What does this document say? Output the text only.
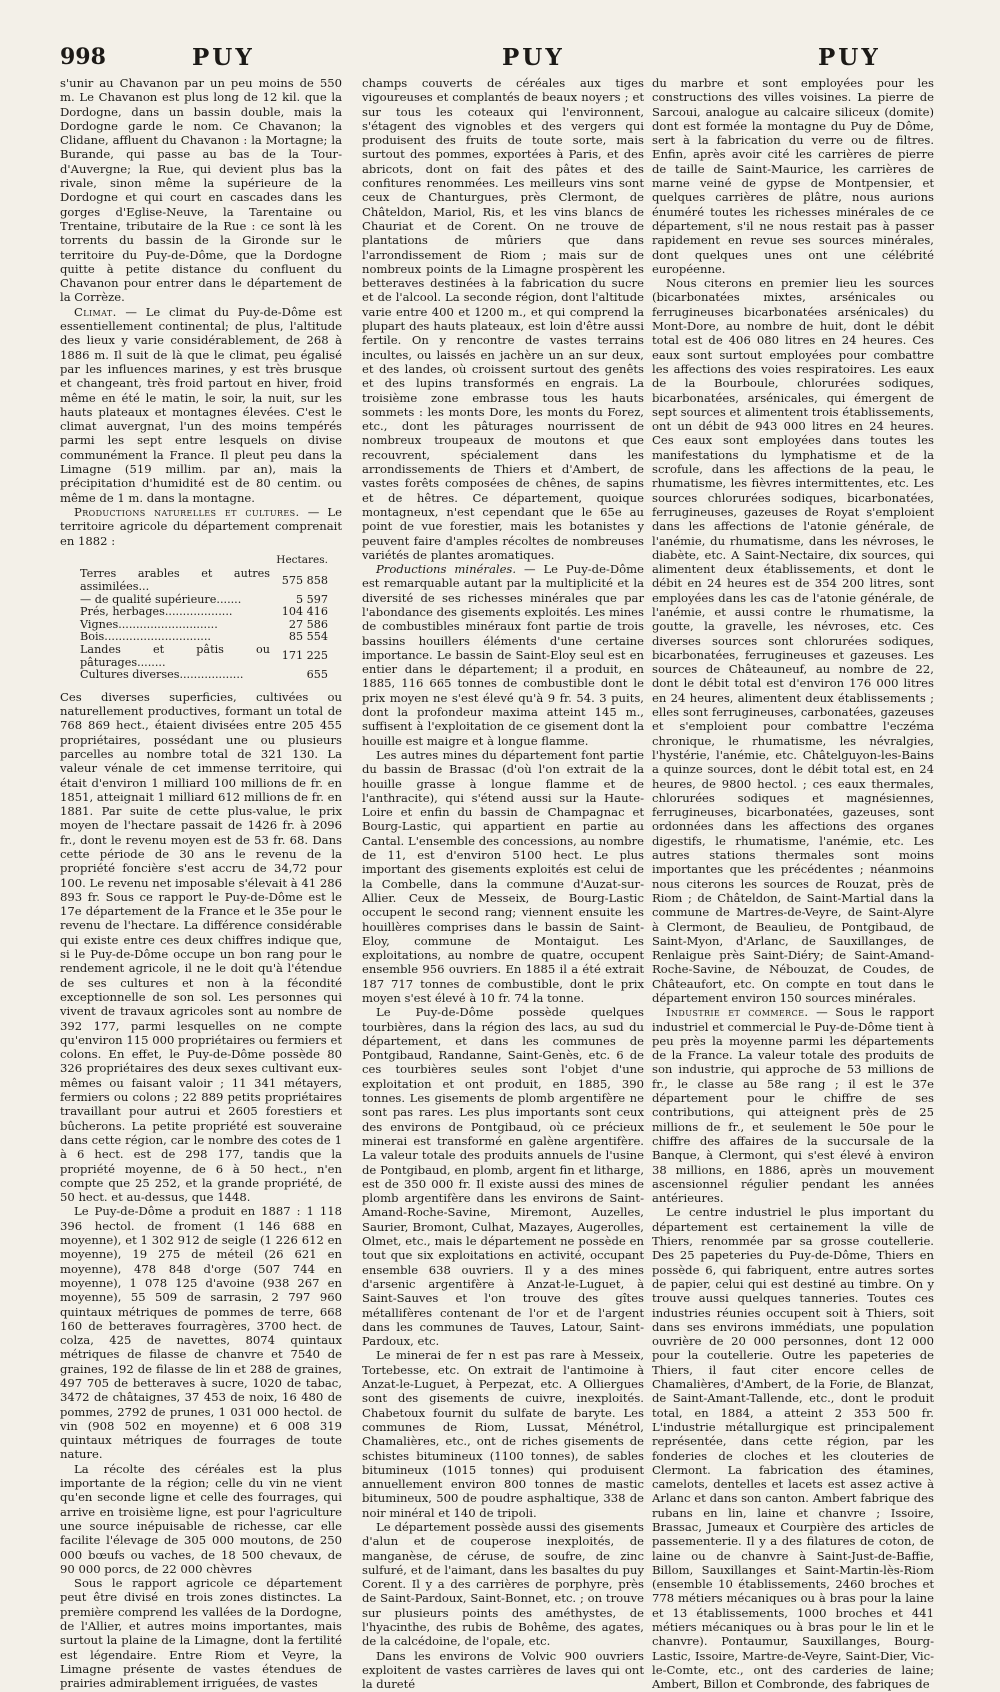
998	PUY	PUY	PUY

s'unir au Chavanon par un peu moins de 550 m. Le Chavanon est plus long de 12 kil. que la Dordogne, dans un bassin double, mais la Dordogne garde le nom. Ce Chavanon; la Clidane, affluent du Chavanon : la Mortagne; la Burande, qui passe au bas de la Tour-d'Auvergne; la Rue, qui devient plus bas la rivale, sinon même la supérieure de la Dordogne et qui court en cascades dans les gorges d'Eglise-Neuve, la Tarentaine ou Trentaine, tributaire de la Rue : ce sont là les torrents du bassin de la Gironde sur le territoire du Puy-de-Dôme, que la Dordogne quitte à petite distance du confluent du Chavanon pour entrer dans le département de la Corrèze.

Climat. — Le climat du Puy-de-Dôme est essentiellement continental; de plus, l'altitude des lieux y varie considérablement, de 268 à 1886 m. Il suit de là que le climat, peu égalisé par les influences marines, y est très brusque et changeant, très froid partout en hiver, froid même en été le matin, le soir, la nuit, sur les hauts plateaux et montagnes élevées. C'est le climat auvergnat, l'un des moins tempérés parmi les sept entre lesquels on divise communément la France. Il pleut peu dans la Limagne (519 millim. par an), mais la précipitation d'humidité est de 80 centim. ou même de 1 m. dans la montagne.

Productions naturelles et cultures. — Le territoire agricole du département comprenait en 1882 :

	Hectares.
Terres arables et autres assimilées...	575 858
— de qualité supérieure.......	5 597
Prés, herbages...................	104 416
Vignes............................	27 586
Bois..............................	85 554
Landes et pâtis ou pâturages........	171 225
Cultures diverses..................	655

Ces diverses superficies, cultivées ou naturellement productives, formant un total de 768 869 hect., étaient divisées entre 205 455 propriétaires, possédant une ou plusieurs parcelles au nombre total de 321 130. La valeur vénale de cet immense territoire, qui était d'environ 1 milliard 100 millions de fr. en 1851, atteignait 1 milliard 612 millions de fr. en 1881. Par suite de cette plus-value, le prix moyen de l'hectare passait de 1426 fr. à 2096 fr., dont le revenu moyen est de 53 fr. 68. Dans cette période de 30 ans le revenu de la propriété foncière s'est accru de 34,72 pour 100. Le revenu net imposable s'élevait à 41 286 893 fr. Sous ce rapport le Puy-de-Dôme est le 17e département de la France et le 35e pour le revenu de l'hectare. La différence considérable qui existe entre ces deux chiffres indique que, si le Puy-de-Dôme occupe un bon rang pour le rendement agricole, il ne le doit qu'à l'étendue de ses cultures et non à la fécondité exceptionnelle de son sol. Les personnes qui vivent de travaux agricoles sont au nombre de 392 177, parmi lesquelles on ne compte qu'environ 115 000 propriétaires ou fermiers et colons. En effet, le Puy-de-Dôme possède 80 326 propriétaires des deux sexes cultivant eux-mêmes ou faisant valoir ; 11 341 métayers, fermiers ou colons ; 22 889 petits propriétaires travaillant pour autrui et 2605 forestiers et bûcherons. La petite propriété est souveraine dans cette région, car le nombre des cotes de 1 à 6 hect. est de 298 177, tandis que la propriété moyenne, de 6 à 50 hect., n'en compte que 25 252, et la grande propriété, de 50 hect. et au-dessus, que 1448.

Le Puy-de-Dôme a produit en 1887 : 1 118 396 hectol. de froment (1 146 688 en moyenne), et 1 302 912 de seigle (1 226 612 en moyenne), 19 275 de méteil (26 621 en moyenne), 478 848 d'orge (507 744 en moyenne), 1 078 125 d'avoine (938 267 en moyenne), 55 509 de sarrasin, 2 797 960 quintaux métriques de pommes de terre, 668 160 de betteraves fourragères, 3700 hect. de colza, 425 de navettes, 8074 quintaux métriques de filasse de chanvre et 7540 de graines, 192 de filasse de lin et 288 de graines, 497 705 de betteraves à sucre, 1020 de tabac, 3472 de châtaignes, 37 453 de noix, 16 480 de pommes, 2792 de prunes, 1 031 000 hectol. de vin (908 502 en moyenne) et 6 008 319 quintaux métriques de fourrages de toute nature.

La récolte des céréales est la plus importante de la région; celle du vin ne vient qu'en seconde ligne et celle des fourrages, qui arrive en troisième ligne, est pour l'agriculture une source inépuisable de richesse, car elle facilite l'élevage de 305 000 moutons, de 250 000 bœufs ou vaches, de 18 500 chevaux, de 90 000 porcs, de 22 000 chèvres

Sous le rapport agricole ce département peut être divisé en trois zones distinctes. La première comprend les vallées de la Dordogne, de l'Allier, et autres moins importantes, mais surtout la plaine de la Limagne, dont la fertilité est légendaire. Entre Riom et Veyre, la Limagne présente de vastes étendues de prairies admirablement irriguées, de vastes

champs couverts de céréales aux tiges vigoureuses et complantés de beaux noyers ; et sur tous les coteaux qui l'environnent, s'étagent des vignobles et des vergers qui produisent des fruits de toute sorte, mais surtout des pommes, exportées à Paris, et des abricots, dont on fait des pâtes et des confitures renommées. Les meilleurs vins sont ceux de Chanturgues, près Clermont, de Châteldon, Mariol, Ris, et les vins blancs de Chauriat et de Corent. On ne trouve de plantations de mûriers que dans l'arrondissement de Riom ; mais sur de nombreux points de la Limagne prospèrent les betteraves destinées à la fabrication du sucre et de l'alcool. La seconde région, dont l'altitude varie entre 400 et 1200 m., et qui comprend la plupart des hauts plateaux, est loin d'être aussi fertile. On y rencontre de vastes terrains incultes, ou laissés en jachère un an sur deux, et des landes, où croissent surtout des genêts et des lupins transformés en engrais. La troisième zone embrasse tous les hauts sommets : les monts Dore, les monts du Forez, etc., dont les pâturages nourrissent de nombreux troupeaux de moutons et que recouvrent, spécialement dans les arrondissements de Thiers et d'Ambert, de vastes forêts composées de chênes, de sapins et de hêtres. Ce département, quoique montagneux, n'est cependant que le 65e au point de vue forestier, mais les botanistes y peuvent faire d'amples récoltes de nombreuses variétés de plantes aromatiques.

Productions minérales. — Le Puy-de-Dôme est remarquable autant par la multiplicité et la diversité de ses richesses minérales que par l'abondance des gisements exploités. Les mines de combustibles minéraux font partie de trois bassins houillers éléments d'une certaine importance. Le bassin de Saint-Eloy seul est en entier dans le département; il a produit, en 1885, 116 665 tonnes de combustible dont le prix moyen ne s'est élevé qu'à 9 fr. 54. 3 puits, dont la profondeur maxima atteint 145 m., suffisent à l'exploitation de ce gisement dont la houille est maigre et à longue flamme.

Les autres mines du département font partie du bassin de Brassac (d'où l'on extrait de la houille grasse à longue flamme et de l'anthracite), qui s'étend aussi sur la Haute-Loire et enfin du bassin de Champagnac et Bourg-Lastic, qui appartient en partie au Cantal. L'ensemble des concessions, au nombre de 11, est d'environ 5100 hect. Le plus important des gisements exploités est celui de la Combelle, dans la commune d'Auzat-sur-Allier. Ceux de Messeix, de Bourg-Lastic occupent le second rang; viennent ensuite les houillères comprises dans le bassin de Saint-Eloy, commune de Montaigut. Les exploitations, au nombre de quatre, occupent ensemble 956 ouvriers. En 1885 il a été extrait 187 717 tonnes de combustible, dont le prix moyen s'est élevé à 10 fr. 74 la tonne.

Le Puy-de-Dôme possède quelques tourbières, dans la région des lacs, au sud du département, et dans les communes de Pontgibaud, Randanne, Saint-Genès, etc. 6 de ces tourbières seules sont l'objet d'une exploitation et ont produit, en 1885, 390 tonnes. Les gisements de plomb argentifère ne sont pas rares. Les plus importants sont ceux des environs de Pontgibaud, où ce précieux minerai est transformé en galène argentifère. La valeur totale des produits annuels de l'usine de Pontgibaud, en plomb, argent fin et litharge, est de 350 000 fr. Il existe aussi des mines de plomb argentifère dans les environs de Saint-Amand-Roche-Savine, Miremont, Auzelles, Saurier, Bromont, Culhat, Mazayes, Augerolles, Olmet, etc., mais le département ne possède en tout que six exploitations en activité, occupant ensemble 638 ouvriers. Il y a des mines d'arsenic argentifère à Anzat-le-Luguet, à Saint-Sauves et l'on trouve des gîtes métallifères contenant de l'or et de l'argent dans les communes de Tauves, Latour, Saint-Pardoux, etc.

Le minerai de fer n est pas rare à Messeix, Tortebesse, etc. On extrait de l'antimoine à Anzat-le-Luguet, à Perpezat, etc. A Olliergues sont des gisements de cuivre, inexploités. Chabetoux fournit du sulfate de baryte. Les communes de Riom, Lussat, Ménétrol, Chamalières, etc., ont de riches gisements de schistes bitumineux (1100 tonnes), de sables bitumineux (1015 tonnes) qui produisent annuellement environ 800 tonnes de mastic bitumineux, 500 de poudre asphaltique, 338 de noir minéral et 140 de tripoli.

Le département possède aussi des gisements d'alun et de couperose inexploités, de manganèse, de céruse, de soufre, de zinc sulfuré, et de l'aimant, dans les basaltes du puy Corent. Il y a des carrières de porphyre, près de Saint-Pardoux, Saint-Bonnet, etc. ; on trouve sur plusieurs points des améthystes, de l'hyacinthe, des rubis de Bohême, des agates, de la calcédoine, de l'opale, etc.

Dans les environs de Volvic 900 ouvriers exploitent de vastes carrières de laves qui ont la dureté

du marbre et sont employées pour les constructions des villes voisines. La pierre de Sarcoui, analogue au calcaire siliceux (domite) dont est formée la montagne du Puy de Dôme, sert à la fabrication du verre ou de filtres. Enfin, après avoir cité les carrières de pierre de taille de Saint-Maurice, les carrières de marne veiné de gypse de Montpensier, et quelques carrières de plâtre, nous aurions énuméré toutes les richesses minérales de ce département, s'il ne nous restait pas à passer rapidement en revue ses sources minérales, dont quelques unes ont une célébrité européenne.

Nous citerons en premier lieu les sources (bicarbonatées mixtes, arsénicales ou ferrugineuses bicarbonatées arsénicales) du Mont-Dore, au nombre de huit, dont le débit total est de 406 080 litres en 24 heures. Ces eaux sont surtout employées pour combattre les affections des voies respiratoires. Les eaux de la Bourboule, chlorurées sodiques, bicarbonatées, arsénicales, qui émergent de sept sources et alimentent trois établissements, ont un débit de 943 000 litres en 24 heures. Ces eaux sont employées dans toutes les manifestations du lymphatisme et de la scrofule, dans les affections de la peau, le rhumatisme, les fièvres intermittentes, etc. Les sources chlorurées sodiques, bicarbonatées, ferrugineuses, gazeuses de Royat s'emploient dans les affections de l'atonie générale, de l'anémie, du rhumatisme, dans les névroses, le diabète, etc. A Saint-Nectaire, dix sources, qui alimentent deux établissements, et dont le débit en 24 heures est de 354 200 litres, sont employées dans les cas de l'atonie générale, de l'anémie, et aussi contre le rhumatisme, la goutte, la gravelle, les névroses, etc. Ces diverses sources sont chlorurées sodiques, bicarbonatées, ferrugineuses et gazeuses. Les sources de Châteauneuf, au nombre de 22, dont le débit total est d'environ 176 000 litres en 24 heures, alimentent deux établissements ; elles sont ferrugineuses, carbonatées, gazeuses et s'emploient pour combattre l'eczéma chronique, le rhumatisme, les névralgies, l'hystérie, l'anémie, etc. Châtelguyon-les-Bains a quinze sources, dont le débit total est, en 24 heures, de 9800 hectol. ; ces eaux thermales, chlorurées sodiques et magnésiennes, ferrugineuses, bicarbonatées, gazeuses, sont ordonnées dans les affections des organes digestifs, le rhumatisme, l'anémie, etc. Les autres stations thermales sont moins importantes que les précédentes ; néanmoins nous citerons les sources de Rouzat, près de Riom ; de Châteldon, de Saint-Martial dans la commune de Martres-de-Veyre, de Saint-Alyre à Clermont, de Beaulieu, de Pontgibaud, de Saint-Myon, d'Arlanc, de Sauxillanges, de Renlaigue près Saint-Diéry; de Saint-Amand-Roche-Savine, de Nébouzat, de Coudes, de Châteaufort, etc. On compte en tout dans le département environ 150 sources minérales.

Industrie et commerce. — Sous le rapport industriel et commercial le Puy-de-Dôme tient à peu près la moyenne parmi les départements de la France. La valeur totale des produits de son industrie, qui approche de 53 millions de fr., le classe au 58e rang ; il est le 37e département pour le chiffre de ses contributions, qui atteignent près de 25 millions de fr., et seulement le 50e pour le chiffre des affaires de la succursale de la Banque, à Clermont, qui s'est élevé à environ 38 millions, en 1886, après un mouvement ascensionnel régulier pendant les années antérieures.

Le centre industriel le plus important du département est certainement la ville de Thiers, renommée par sa grosse coutellerie. Des 25 papeteries du Puy-de-Dôme, Thiers en possède 6, qui fabriquent, entre autres sortes de papier, celui qui est destiné au timbre. On y trouve aussi quelques tanneries. Toutes ces industries réunies occupent soit à Thiers, soit dans ses environs immédiats, une population ouvrière de 20 000 personnes, dont 12 000 pour la coutellerie. Outre les papeteries de Thiers, il faut citer encore celles de Chamalières, d'Ambert, de la Forie, de Blanzat, de Saint-Amant-Tallende, etc., dont le produit total, en 1884, a atteint 2 353 500 fr. L'industrie métallurgique est principalement représentée, dans cette région, par les fonderies de cloches et les clouteries de Clermont. La fabrication des étamines, camelots, dentelles et lacets est assez active à Arlanc et dans son canton. Ambert fabrique des rubans en lin, laine et chanvre ; Issoire, Brassac, Jumeaux et Courpière des articles de passementerie. Il y a des filatures de coton, de laine ou de chanvre à Saint-Just-de-Baffie, Billom, Sauxillanges et Saint-Martin-lès-Riom (ensemble 10 établissements, 2460 broches et 778 métiers mécaniques ou à bras pour la laine et 13 établissements, 1000 broches et 441 métiers mécaniques ou à bras pour le lin et le chanvre). Pontaumur, Sauxillanges, Bourg-Lastic, Issoire, Martre-de-Veyre, Saint-Dier, Vic-le-Comte, etc., ont des carderies de laine; Ambert, Billon et Combronde, des fabriques de
